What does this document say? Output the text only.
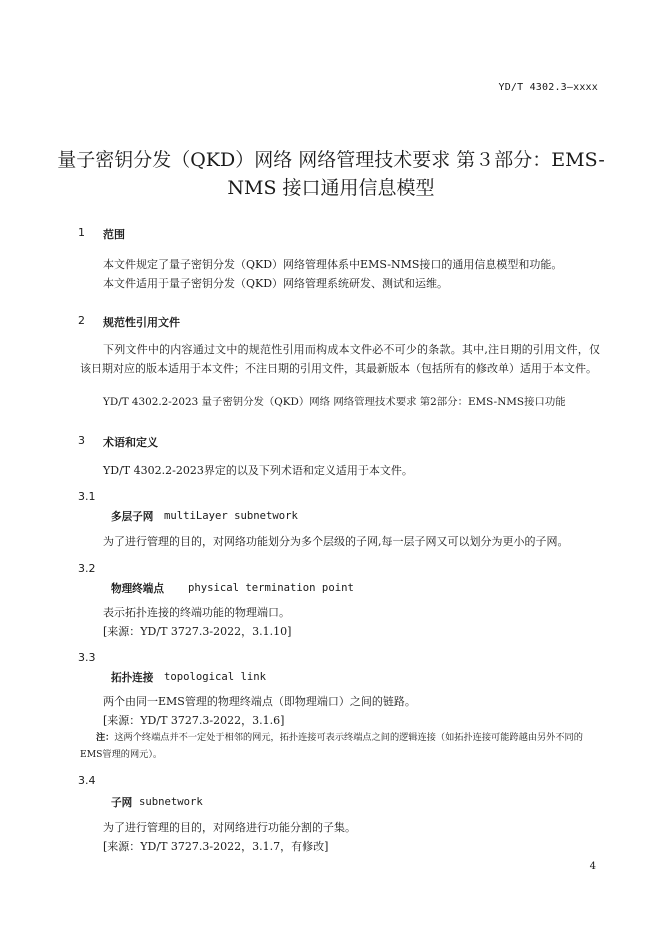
YD/T 4302.3—xxxx
量子密钥分发（QKD）网络 网络管理技术要求 第３部分：EMS-
NMS 接口通用信息模型
1 范围
本文件规定了量子密钥分发（QKD）网络管理体系中EMS-NMS接口的通用信息模型和功能。
本文件适用于量子密钥分发（QKD）网络管理系统研发、测试和运维。
2 规范性引用文件
下列文件中的内容通过文中的规范性引用而构成本文件必不可少的条款。其中,注日期的引用文件，仅该日期对应的版本适用于本文件；不注日期的引用文件，其最新版本（包括所有的修改单）适用于本文件。
YD/T 4302.2-2023 量子密钥分发（QKD）网络 网络管理技术要求 第2部分：EMS-NMS接口功能
3 术语和定义
YD/T 4302.2-2023界定的以及下列术语和定义适用于本文件。
3.1
多层子网 multiLayer subnetwork
为了进行管理的目的，对网络功能划分为多个层级的子网,每一层子网又可以划分为更小的子网。
3.2
物理终端点 physical termination point
表示拓扑连接的终端功能的物理端口。
[来源：YD/T 3727.3-2022，3.1.10]
3.3
拓扑连接 topological link
两个由同一EMS管理的物理终端点（即物理端口）之间的链路。
[来源：YD/T 3727.3-2022，3.1.6]
注：这两个终端点并不一定处于相邻的网元，拓扑连接可表示终端点之间的逻辑连接（如拓扑连接可能跨越由另外不同的EMS管理的网元）。
3.4
子网 subnetwork
为了进行管理的目的，对网络进行功能分割的子集。
[来源：YD/T 3727.3-2022，3.1.7，有修改]
4
